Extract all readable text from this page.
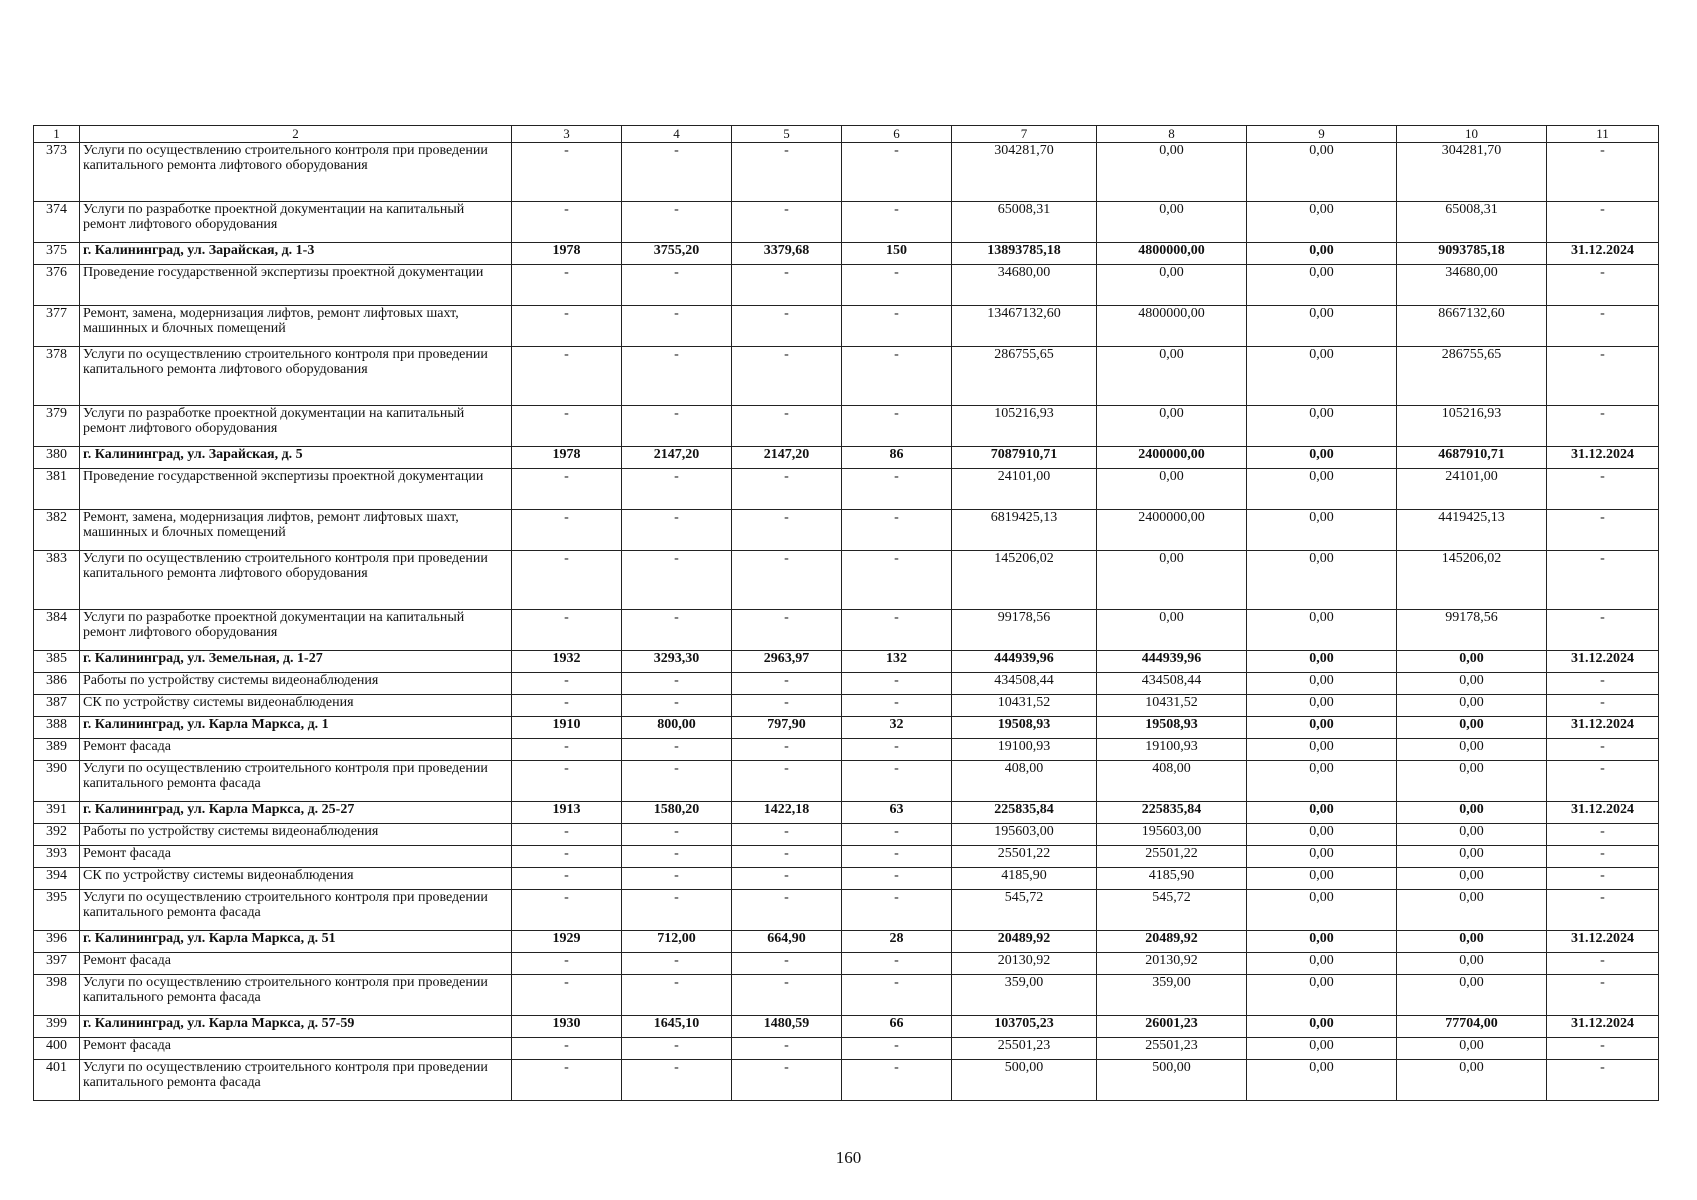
1	2	3	4	5	6	7	8	9	10	11
373	Услуги по осуществлению строительного контроля при проведении капитального ремонта лифтового оборудования	-	-	-	-	304281,70	0,00	0,00	304281,70	-
374	Услуги по разработке проектной документации на капитальный ремонт лифтового оборудования	-	-	-	-	65008,31	0,00	0,00	65008,31	-
375	г. Калининград, ул. Зарайская, д. 1-3	1978	3755,20	3379,68	150	13893785,18	4800000,00	0,00	9093785,18	31.12.2024
376	Проведение государственной экспертизы проектной документации	-	-	-	-	34680,00	0,00	0,00	34680,00	-
377	Ремонт, замена, модернизация лифтов, ремонт лифтовых шахт, машинных и блочных помещений	-	-	-	-	13467132,60	4800000,00	0,00	8667132,60	-
378	Услуги по осуществлению строительного контроля при проведении капитального ремонта лифтового оборудования	-	-	-	-	286755,65	0,00	0,00	286755,65	-
379	Услуги по разработке проектной документации на капитальный ремонт лифтового оборудования	-	-	-	-	105216,93	0,00	0,00	105216,93	-
380	г. Калининград, ул. Зарайская, д. 5	1978	2147,20	2147,20	86	7087910,71	2400000,00	0,00	4687910,71	31.12.2024
381	Проведение государственной экспертизы проектной документации	-	-	-	-	24101,00	0,00	0,00	24101,00	-
382	Ремонт, замена, модернизация лифтов, ремонт лифтовых шахт, машинных и блочных помещений	-	-	-	-	6819425,13	2400000,00	0,00	4419425,13	-
383	Услуги по осуществлению строительного контроля при проведении капитального ремонта лифтового оборудования	-	-	-	-	145206,02	0,00	0,00	145206,02	-
384	Услуги по разработке проектной документации на капитальный ремонт лифтового оборудования	-	-	-	-	99178,56	0,00	0,00	99178,56	-
385	г. Калининград, ул. Земельная, д. 1-27	1932	3293,30	2963,97	132	444939,96	444939,96	0,00	0,00	31.12.2024
386	Работы по устройству системы видеонаблюдения	-	-	-	-	434508,44	434508,44	0,00	0,00	-
387	СК по устройству системы видеонаблюдения	-	-	-	-	10431,52	10431,52	0,00	0,00	-
388	г. Калининград, ул. Карла Маркса, д. 1	1910	800,00	797,90	32	19508,93	19508,93	0,00	0,00	31.12.2024
389	Ремонт фасада	-	-	-	-	19100,93	19100,93	0,00	0,00	-
390	Услуги по осуществлению строительного контроля при проведении капитального ремонта фасада	-	-	-	-	408,00	408,00	0,00	0,00	-
391	г. Калининград, ул. Карла Маркса, д. 25-27	1913	1580,20	1422,18	63	225835,84	225835,84	0,00	0,00	31.12.2024
392	Работы по устройству системы видеонаблюдения	-	-	-	-	195603,00	195603,00	0,00	0,00	-
393	Ремонт фасада	-	-	-	-	25501,22	25501,22	0,00	0,00	-
394	СК по устройству системы видеонаблюдения	-	-	-	-	4185,90	4185,90	0,00	0,00	-
395	Услуги по осуществлению строительного контроля при проведении капитального ремонта фасада	-	-	-	-	545,72	545,72	0,00	0,00	-
396	г. Калининград, ул. Карла Маркса, д. 51	1929	712,00	664,90	28	20489,92	20489,92	0,00	0,00	31.12.2024
397	Ремонт фасада	-	-	-	-	20130,92	20130,92	0,00	0,00	-
398	Услуги по осуществлению строительного контроля при проведении капитального ремонта фасада	-	-	-	-	359,00	359,00	0,00	0,00	-
399	г. Калининград, ул. Карла Маркса, д. 57-59	1930	1645,10	1480,59	66	103705,23	26001,23	0,00	77704,00	31.12.2024
400	Ремонт фасада	-	-	-	-	25501,23	25501,23	0,00	0,00	-
401	Услуги по осуществлению строительного контроля при проведении капитального ремонта фасада	-	-	-	-	500,00	500,00	0,00	0,00	-
160
